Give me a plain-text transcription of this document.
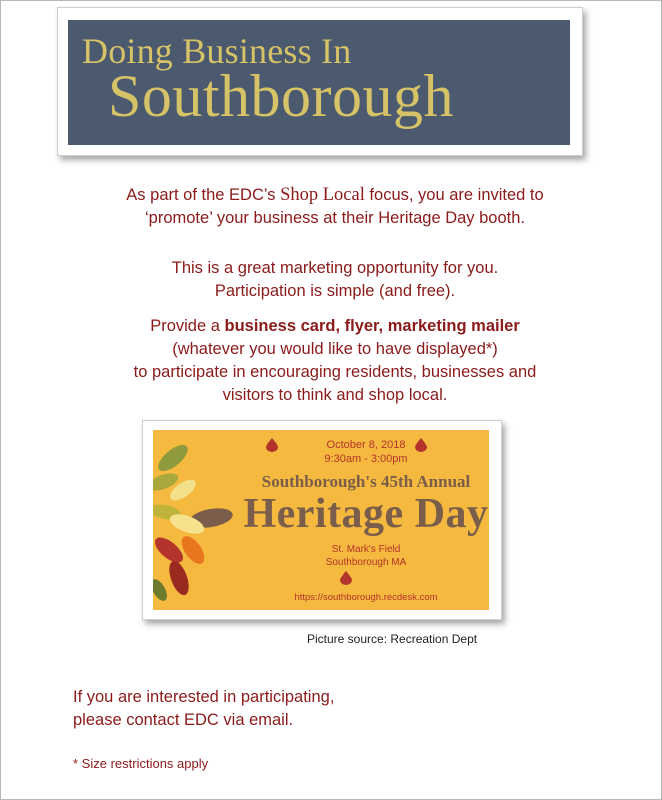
Doing Business In
Southborough
As part of the EDC’s Shop Local focus, you are invited to
‘promote’ your business at their Heritage Day booth.
This is a great marketing opportunity for you.
Participation is simple (and free).
Provide a business card, flyer, marketing mailer
(whatever you would like to have displayed*)
to participate in encouraging residents, businesses and
visitors to think and shop local.
October 8, 2018
9:30am - 3:00pm
Southborough's 45th Annual
Heritage Day
St. Mark's Field
Southborough MA
https://southborough.recdesk.com
Picture source: Recreation Dept
If you are interested in participating,
please contact EDC via email.
* Size restrictions apply
